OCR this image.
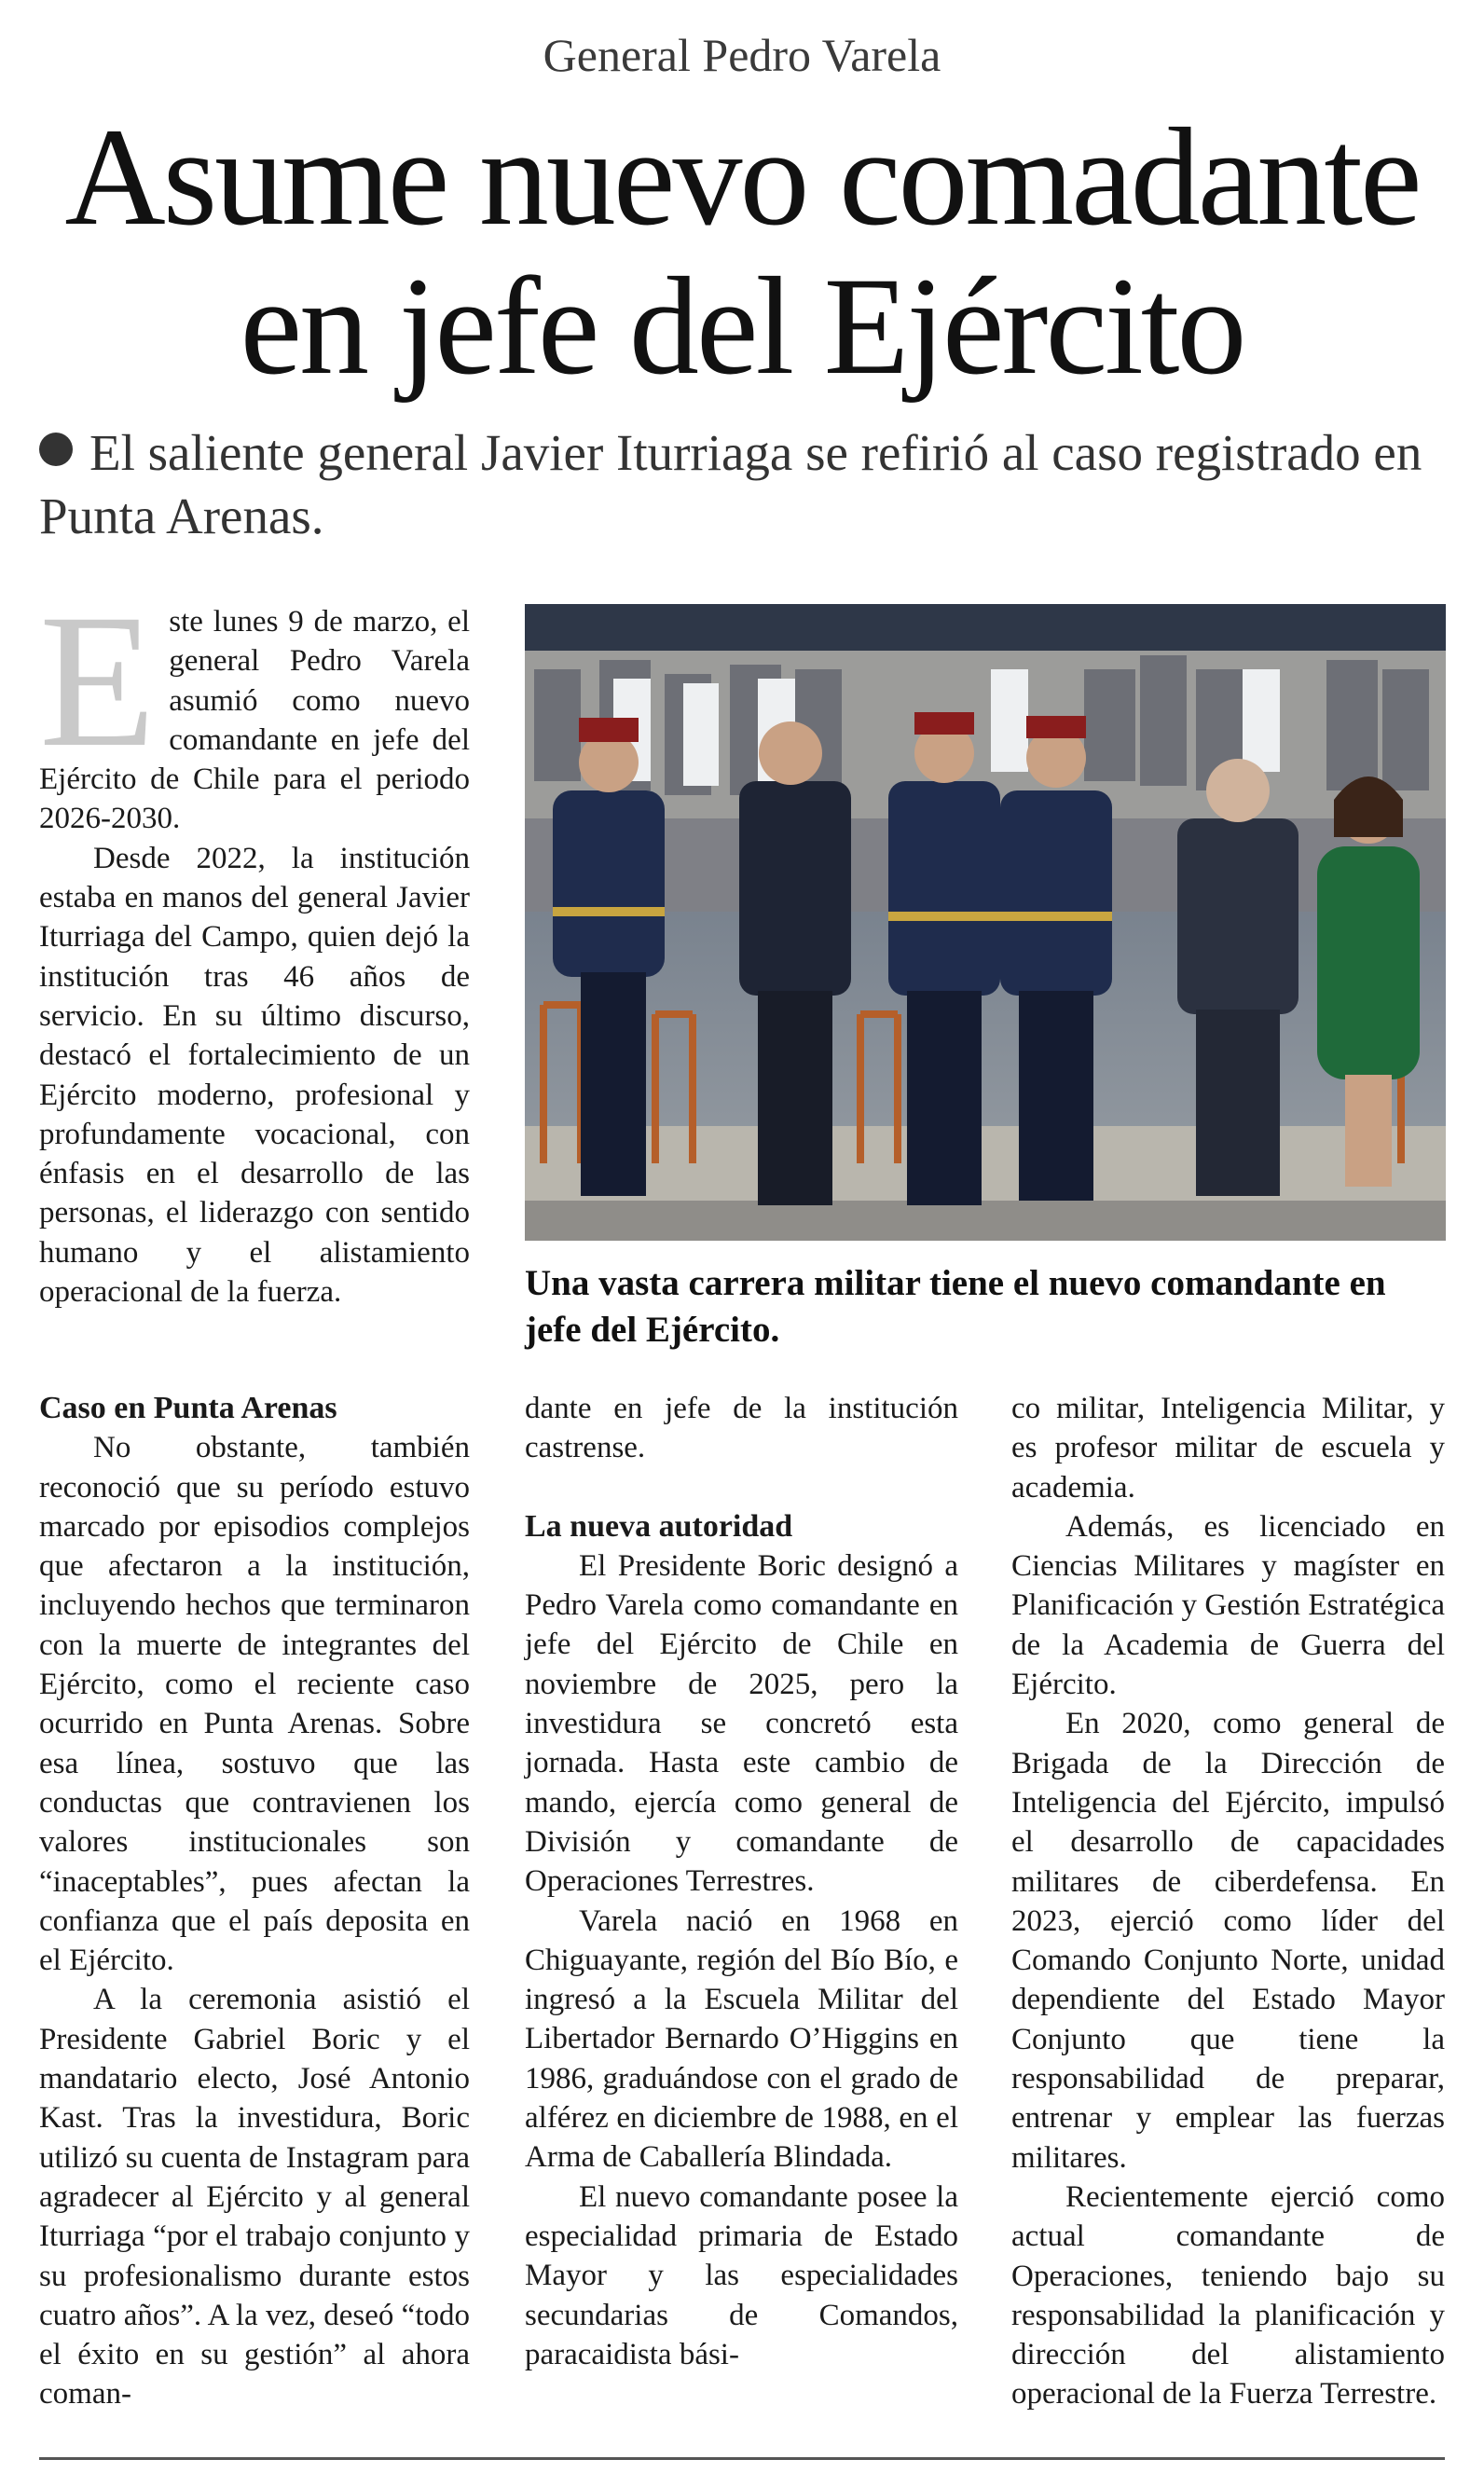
General Pedro Varela
Asume nuevo comadante
en jefe del Ejército
El saliente general Javier Iturriaga se refirió al caso registrado en Punta Arenas.
E ste lunes 9 de marzo, el general Pedro Varela asumió como nuevo comandante en jefe del Ejército de Chile para el periodo 2026-2030.

Desde 2022, la institución estaba en manos del general Javier Iturriaga del Campo, quien dejó la institución tras 46 años de servicio. En su último discurso, destacó el fortalecimiento de un Ejército moderno, profesional y profundamente vocacional, con énfasis en el desarrollo de las personas, el liderazgo con sentido humano y el alistamiento operacional de la fuerza.	Una vasta carrera militar tiene el nuevo comandante en jefe del Ejército.
Caso en Punta Arenas

No obstante, también reconoció que su período estuvo marcado por episodios complejos que afectaron a la institución, incluyendo hechos que terminaron con la muerte de integrantes del Ejército, como el reciente caso ocurrido en Punta Arenas. Sobre esa línea, sostuvo que las conductas que contravienen los valores institucionales son “inaceptables”, pues afectan la confianza que el país deposita en el Ejército.

A la ceremonia asistió el Presidente Gabriel Boric y el mandatario electo, José Antonio Kast. Tras la investidura, Boric utilizó su cuenta de Instagram para agradecer al Ejército y al general Iturriaga “por el trabajo conjunto y su profesionalismo durante estos cuatro años”. A la vez, deseó “todo el éxito en su gestión” al ahora coman-

dante en jefe de la institución castrense.

La nueva autoridad

El Presidente Boric designó a Pedro Varela como comandante en jefe del Ejército de Chile en noviembre de 2025, pero la investidura se concretó esta jornada. Hasta este cambio de mando, ejercía como general de División y comandante de Operaciones Terrestres.

Varela nació en 1968 en Chiguayante, región del Bío Bío, e ingresó a la Escuela Militar del Libertador Bernardo O’Higgins en 1986, graduándose con el grado de alférez en diciembre de 1988, en el Arma de Caballería Blindada.

El nuevo comandante posee la especialidad primaria de Estado Mayor y las especialidades secundarias de Comandos, paracaidista bási-

co militar, Inteligencia Militar, y es profesor militar de escuela y academia.

Además, es licenciado en Ciencias Militares y magíster en Planificación y Gestión Estratégica de la Academia de Guerra del Ejército.

En 2020, como general de Brigada de la Dirección de Inteligencia del Ejército, impulsó el desarrollo de capacidades militares de ciberdefensa. En 2023, ejerció como líder del Comando Conjunto Norte, unidad dependiente del Estado Mayor Conjunto que tiene la responsabilidad de preparar, entrenar y emplear las fuerzas militares.

Recientemente ejerció como actual comandante de Operaciones, teniendo bajo su responsabilidad la planificación y dirección del alistamiento operacional de la Fuerza Terrestre.
